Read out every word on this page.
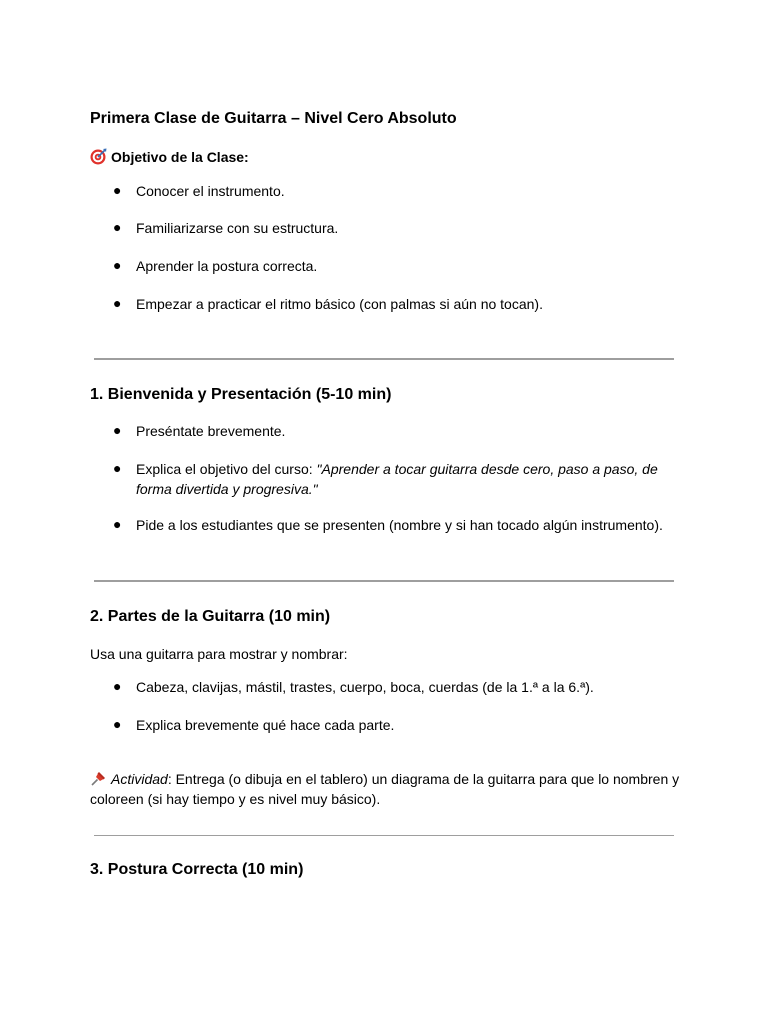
Primera Clase de Guitarra – Nivel Cero Absoluto
Objetivo de la Clase:
● Conocer el instrumento.
● Familiarizarse con su estructura.
● Aprender la postura correcta.
● Empezar a practicar el ritmo básico (con palmas si aún no tocan).
1. Bienvenida y Presentación (5-10 min)
● Preséntate brevemente.
● Explica el objetivo del curso: "Aprender a tocar guitarra desde cero, paso a paso, de forma divertida y progresiva."
● Pide a los estudiantes que se presenten (nombre y si han tocado algún instrumento).
2. Partes de la Guitarra (10 min)
Usa una guitarra para mostrar y nombrar:
● Cabeza, clavijas, mástil, trastes, cuerpo, boca, cuerdas (de la 1.ª a la 6.ª).
● Explica brevemente qué hace cada parte.
Actividad: Entrega (o dibuja en el tablero) un diagrama de la guitarra para que lo nombren y coloreen (si hay tiempo y es nivel muy básico).
3. Postura Correcta (10 min)
